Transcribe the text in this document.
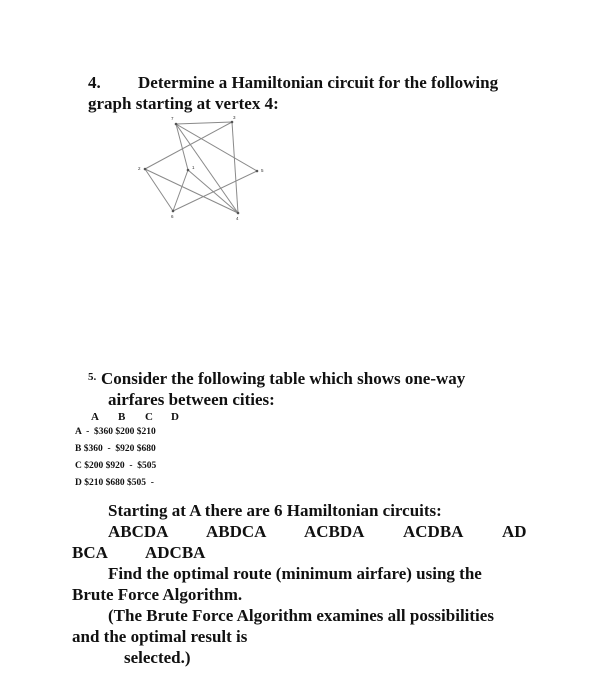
4. Determine a Hamiltonian circuit for the following
graph starting at vertex 4:
7	3
2	1
5
6	4
5. Consider the following table which shows one-way
airfares between cities:
A B C D
A  -  $360 $200 $210
B $360  -  $920 $680
C $200 $920  -  $505
D $210 $680 $505  -
Starting at A there are 6 Hamiltonian circuits:
ABCDA ABDCA ACBDA ACDBA AD
BCA ADCBA
Find the optimal route (minimum airfare) using the
Brute Force Algorithm.
(The Brute Force Algorithm examines all possibilities
and the optimal result is
selected.)
